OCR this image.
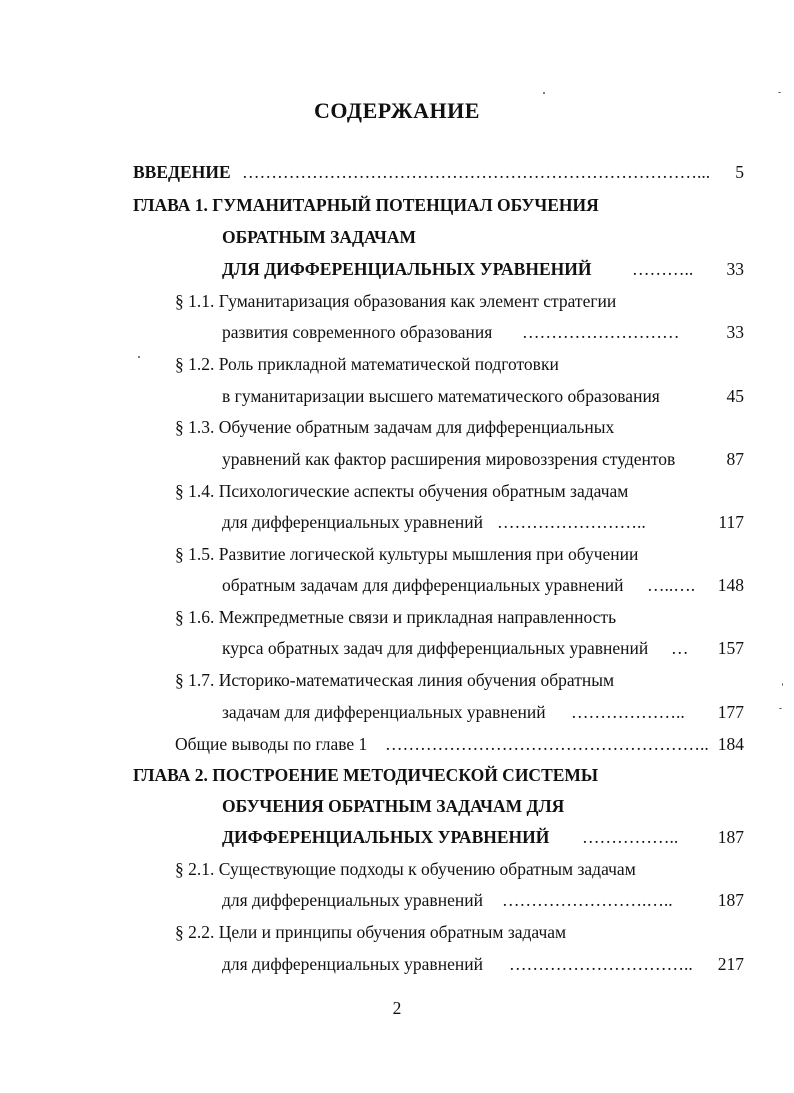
СОДЕРЖАНИЕ
ВВЕДЕНИЕ ……………………………………………………………………...	5
ГЛАВА 1. ГУМАНИТАРНЫЙ ПОТЕНЦИАЛ ОБУЧЕНИЯ
ОБРАТНЫМ ЗАДАЧАМ
ДЛЯ ДИФФЕРЕНЦИАЛЬНЫХ УРАВНЕНИЙ ………..	33
§ 1.1. Гуманитаризация образования как элемент стратегии
развития современного образования ………………………	33
§ 1.2. Роль прикладной математической подготовки
в гуманитаризации высшего математического образования	45
§ 1.3. Обучение обратным задачам для дифференциальных
уравнений как фактор расширения мировоззрения студентов	87
§ 1.4. Психологические аспекты обучения обратным задачам
для дифференциальных уравнений ……………………..	117
§ 1.5. Развитие логической культуры мышления при обучении
обратным задачам для дифференциальных уравнений …..….	148
§ 1.6. Межпредметные связи и прикладная направленность
курса обратных задач для дифференциальных уравнений …	157
§ 1.7. Историко-математическая линия обучения обратным
задачам для дифференциальных уравнений ………………..	177
Общие выводы по главе 1 ……………………………………………….. 184
ГЛАВА 2. ПОСТРОЕНИЕ МЕТОДИЧЕСКОЙ СИСТЕМЫ
ОБУЧЕНИЯ ОБРАТНЫМ ЗАДАЧАМ ДЛЯ
ДИФФЕРЕНЦИАЛЬНЫХ УРАВНЕНИЙ ……………..	187
§ 2.1. Существующие подходы к обучению обратным задачам
для дифференциальных уравнений …………………….…..	187
§ 2.2. Цели и принципы обучения обратным задачам
для дифференциальных уравнений …………………………..	217
2
